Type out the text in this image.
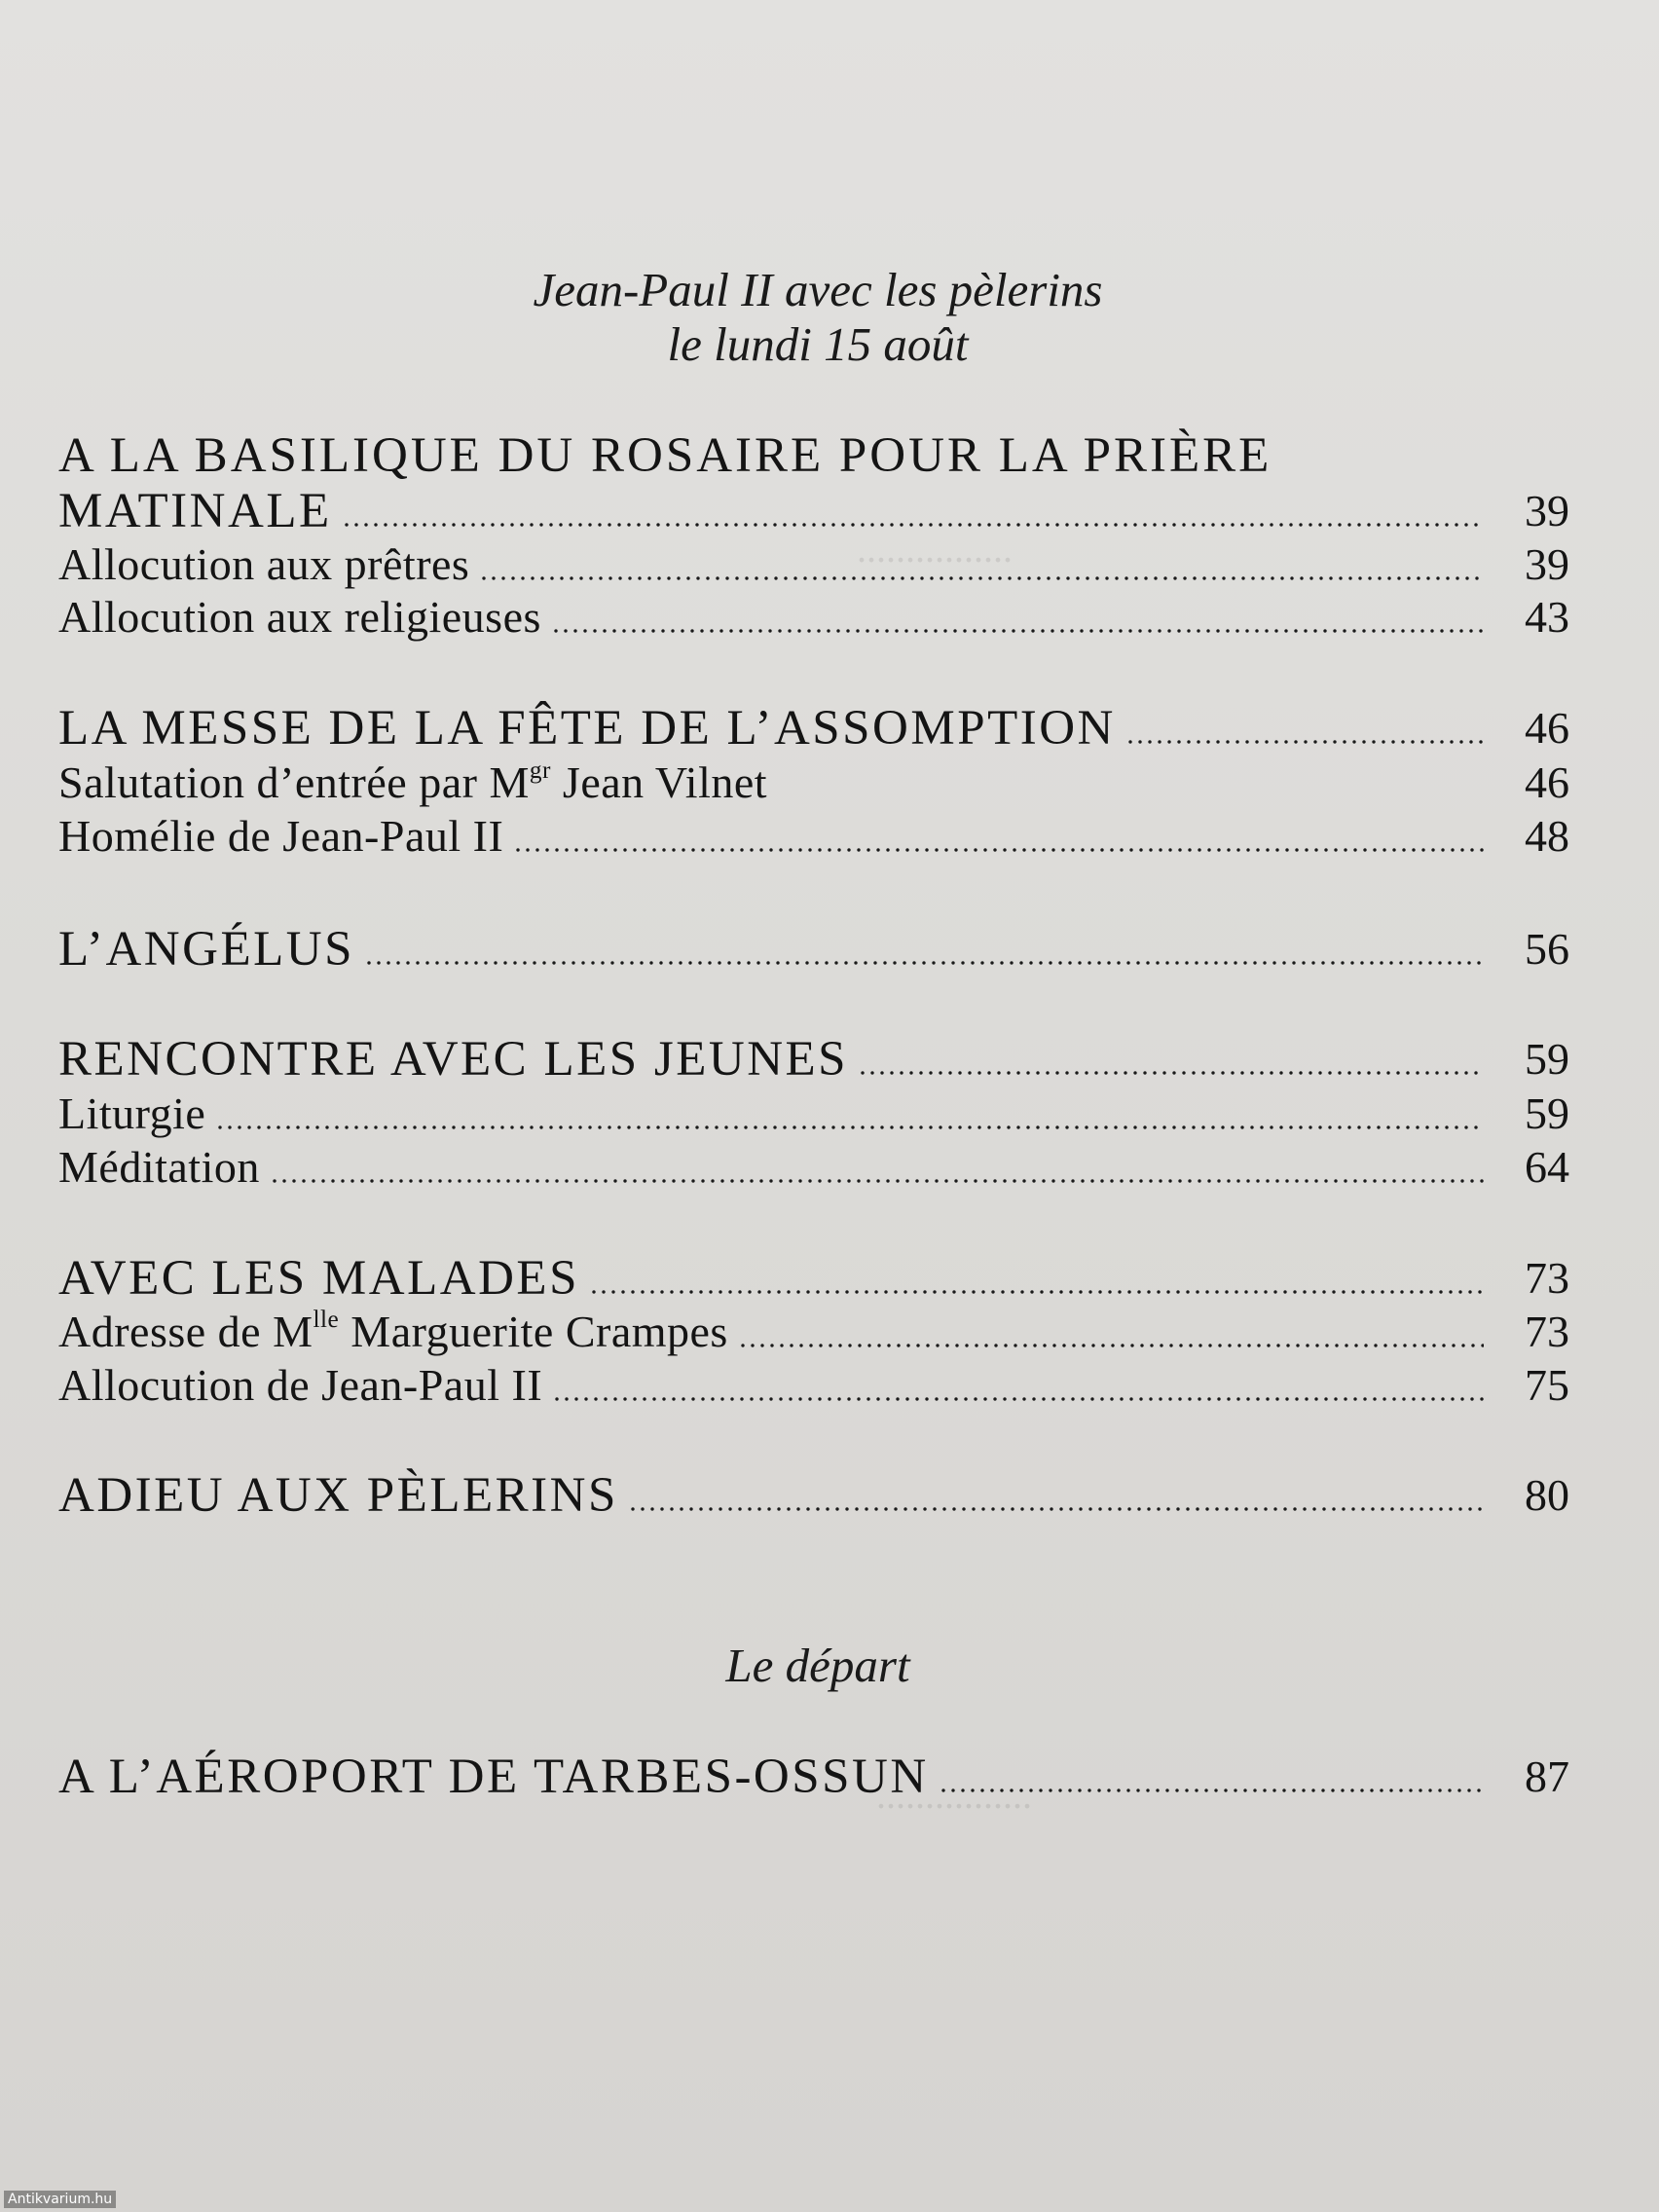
................
................
Jean-Paul II avec les pèlerins
le lundi 15 août
A LA BASILIQUE DU ROSAIRE POUR LA PRIÈRE
MATINALE	39
Allocution aux prêtres	39
Allocution aux religieuses	43
LA MESSE DE LA FÊTE DE L’ASSOMPTION	46
Salutation d’entrée par $M^{gr}$ Jean Vilnet	46
Homélie de Jean-Paul II	48
L’ANGÉLUS	56
RENCONTRE AVEC LES JEUNES	59
Liturgie	59
Méditation	64
AVEC LES MALADES	73
Adresse de $M^{lle}$ Marguerite Crampes	73
Allocution de Jean-Paul II	75
ADIEU AUX PÈLERINS	80
Le départ
A L’AÉROPORT DE TARBES-OSSUN	87
Antikvarium.hu
